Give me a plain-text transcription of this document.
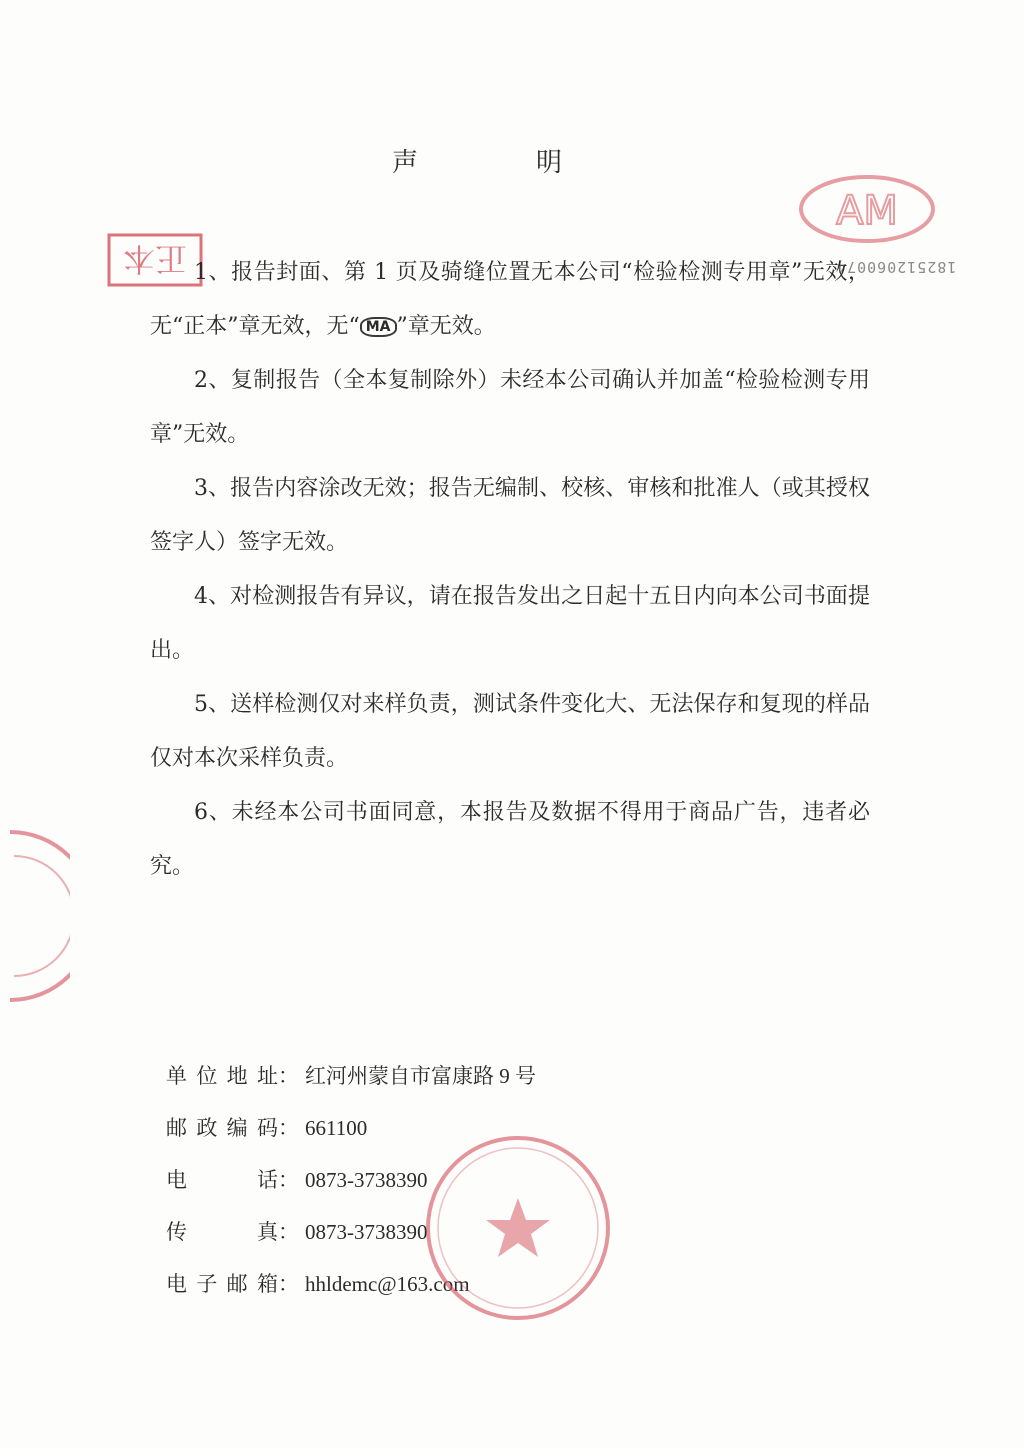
声　明
正本
AM
182512060074

1、报告封面、第 1 页及骑缝位置无本公司“检验检测专用章”无效，无“正本”章无效，无“ MA ”章无效。

2、复制报告（全本复制除外）未经本公司确认并加盖“检验检测专用章”无效。

3、报告内容涂改无效；报告无编制、校核、审核和批准人（或其授权签字人）签字无效。

4、对检测报告有异议，请在报告发出之日起十五日内向本公司书面提出。

5、送样检测仅对来样负责，测试条件变化大、无法保存和复现的样品仅对本次采样负责。

6、未经本公司书面同意，本报告及数据不得用于商品广告，违者必究。

单位地址 ： 红河州蒙自市富康路 9 号
邮政编码 ： 661100
电　　话 ： 0873-3738390
传　　真 ： 0873-3738390
电子邮箱 ： hhldemc@163.com
